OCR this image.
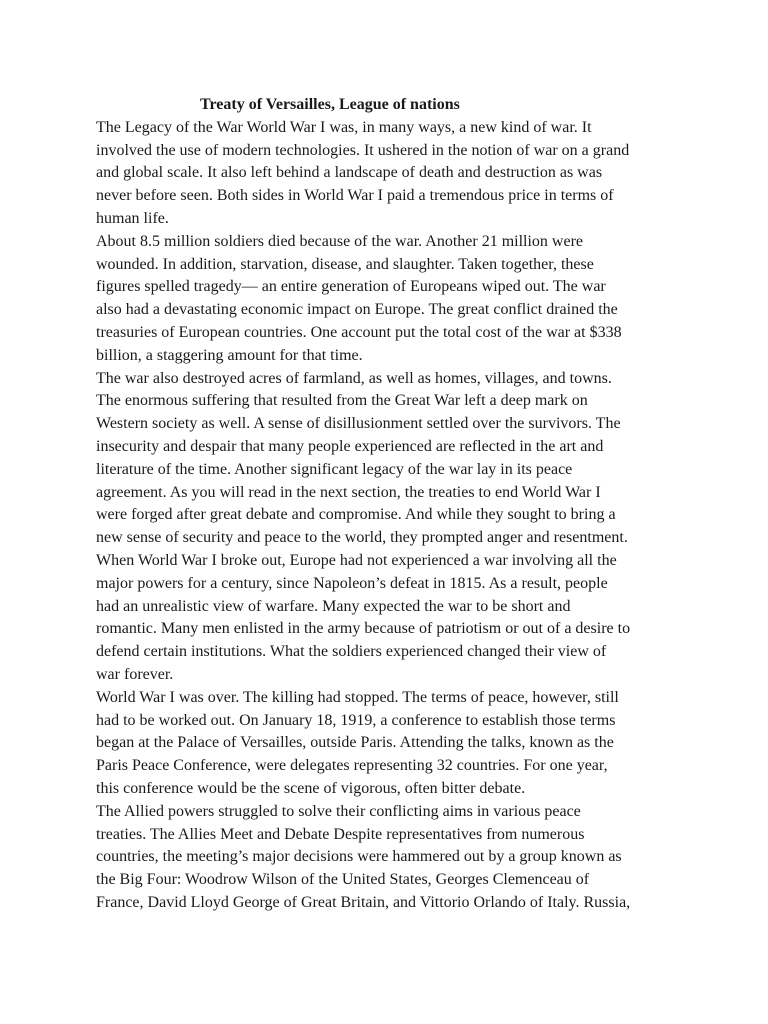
Treaty of Versailles, League of nations
The Legacy of the War World War I was, in many ways, a new kind of war. It
involved the use of modern technologies. It ushered in the notion of war on a grand
and global scale. It also left behind a landscape of death and destruction as was
never before seen. Both sides in World War I paid a tremendous price in terms of
human life.
About 8.5 million soldiers died because of the war. Another 21 million were
wounded. In addition, starvation, disease, and slaughter. Taken together, these
figures spelled tragedy— an entire generation of Europeans wiped out. The war
also had a devastating economic impact on Europe. The great conflict drained the
treasuries of European countries. One account put the total cost of the war at $338
billion, a staggering amount for that time.
The war also destroyed acres of farmland, as well as homes, villages, and towns.
The enormous suffering that resulted from the Great War left a deep mark on
Western society as well. A sense of disillusionment settled over the survivors. The
insecurity and despair that many people experienced are reflected in the art and
literature of the time. Another significant legacy of the war lay in its peace
agreement. As you will read in the next section, the treaties to end World War I
were forged after great debate and compromise. And while they sought to bring a
new sense of security and peace to the world, they prompted anger and resentment.
When World War I broke out, Europe had not experienced a war involving all the
major powers for a century, since Napoleon’s defeat in 1815. As a result, people
had an unrealistic view of warfare. Many expected the war to be short and
romantic. Many men enlisted in the army because of patriotism or out of a desire to
defend certain institutions. What the soldiers experienced changed their view of
war forever.
World War I was over. The killing had stopped. The terms of peace, however, still
had to be worked out. On January 18, 1919, a conference to establish those terms
began at the Palace of Versailles, outside Paris. Attending the talks, known as the
Paris Peace Conference, were delegates representing 32 countries. For one year,
this conference would be the scene of vigorous, often bitter debate.
The Allied powers struggled to solve their conflicting aims in various peace
treaties. The Allies Meet and Debate Despite representatives from numerous
countries, the meeting’s major decisions were hammered out by a group known as
the Big Four: Woodrow Wilson of the United States, Georges Clemenceau of
France, David Lloyd George of Great Britain, and Vittorio Orlando of Italy. Russia,
